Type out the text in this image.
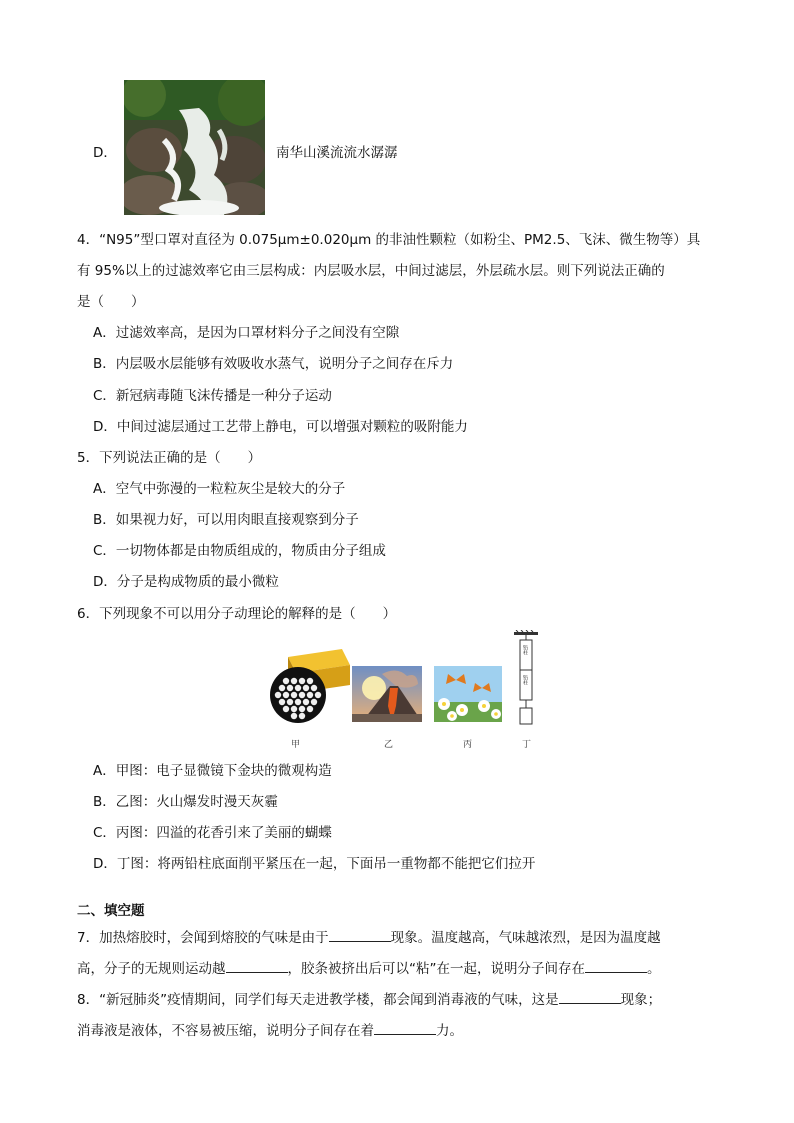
D．	南华山溪流流水潺潺
4．“N95”型口罩对直径为 0.075μm±0.020μm 的非油性颗粒（如粉尘、PM2.5、飞沫、微生物等）具
有 95%以上的过滤效率它由三层构成：内层吸水层，中间过滤层，外层疏水层。则下列说法正确的
是（　　）
A．过滤效率高，是因为口罩材料分子之间没有空隙
B．内层吸水层能够有效吸收水蒸气，说明分子之间存在斥力
C．新冠病毒随飞沫传播是一种分子运动
D．中间过滤层通过工艺带上静电，可以增强对颗粒的吸附能力
5．下列说法正确的是（　　）
A．空气中弥漫的一粒粒灰尘是较大的分子
B．如果视力好，可以用肉眼直接观察到分子
C．一切物体都是由物质组成的，物质由分子组成
D．分子是构成物质的最小微粒
6．下列现象不可以用分子动理论的解释的是（　　）
铅柱
铅柱
甲	乙	丙	丁
A．甲图：电子显微镜下金块的微观构造
B．乙图：火山爆发时漫天灰霾
C．丙图：四溢的花香引来了美丽的蝴蝶
D．丁图：将两铅柱底面削平紧压在一起，下面吊一重物都不能把它们拉开
二、填空题
7．加热熔胶时，会闻到熔胶的气味是由于	现象。温度越高，气味越浓烈，是因为温度越
高，分子的无规则运动越	，胶条被挤出后可以“粘”在一起，说明分子间存在	。
8．“新冠肺炎”疫情期间，同学们每天走进教学楼，都会闻到消毒液的气味，这是	现象；
消毒液是液体，不容易被压缩，说明分子间存在着	力。
